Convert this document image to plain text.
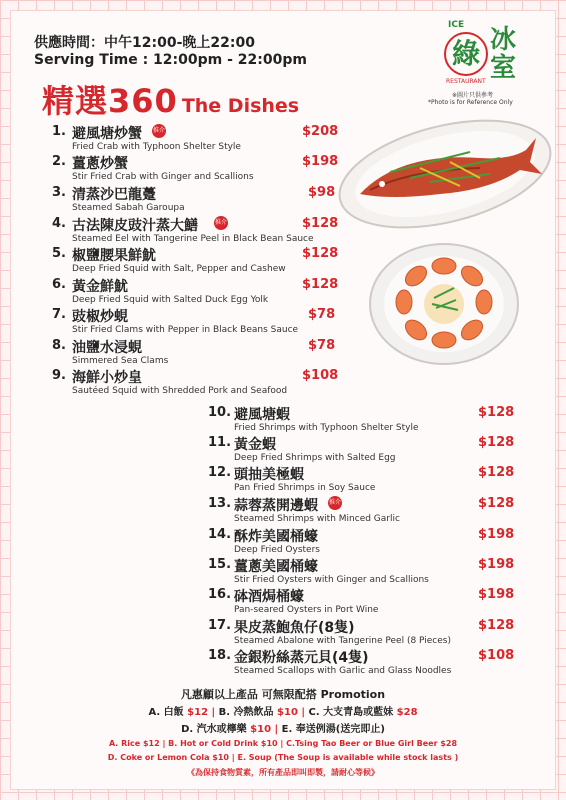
供應時間：中午12:00-晚上22:00
Serving Time : 12:00pm - 22:00pm
精選360 The Dishes
ICE
綠
RESTAURANT
冰室
※圖片只供參考
*Photo is for Reference Only
1. 避風塘炒蟹 推介
Fried Crab with Typhoon Shelter Style
$208
2. 薑蔥炒蟹
Stir Fried Crab with Ginger and Scallions
$198
3. 清蒸沙巴龍躉
Steamed Sabah Garoupa
$98
4. 古法陳皮豉汁蒸大鱔	推介
Steamed Eel with Tangerine Peel in Black Bean Sauce
$128
5. 椒鹽腰果鮮魷
Deep Fried Squid with Salt, Pepper and Cashew
$128
6. 黃金鮮魷
Deep Fried Squid with Salted Duck Egg Yolk
$128
7. 豉椒炒蜆
Stir Fried Clams with Pepper in Black Beans Sauce
$78
8. 油鹽水浸蜆
Simmered Sea Clams
$78
9. 海鮮小炒皇
Sautéed Squid with Shredded Pork and Seafood
$108
10. 避風塘蝦
Fried Shrimps with Typhoon Shelter Style
$128
11. 黃金蝦
Deep Fried Shrimps with Salted Egg
$128
12. 頭抽美極蝦
Pan Fried Shrimps in Soy Sauce
$128
13. 蒜蓉蒸開邊蝦 推介
Steamed Shrimps with Minced Garlic
$128
14. 酥炸美國桶蠔
Deep Fried Oysters
$198
15. 薑蔥美國桶蠔
Stir Fried Oysters with Ginger and Scallions
$198
16. 砵酒焗桶蠔
Pan-seared Oysters in Port Wine
$198
17. 果皮蒸鮑魚仔(8隻)
Steamed Abalone with Tangerine Peel (8 Pieces)
$128
18. 金銀粉絲蒸元貝(4隻)
Steamed Scallops with Garlic and Glass Noodles
$108
凡惠顧以上產品 可無限配搭 Promotion
A. 白飯 $12 | B. 冷熱飲品 $10 | C. 大支青島或藍妹 $28
D. 汽水或檸樂 $10 | E. 奉送例湯(送完即止)
A. Rice $12 | B. Hot or Cold Drink $10 | C.Tsing Tao Beer or Blue Girl Beer $28
D. Coke or Lemon Cola $10 | E. Soup (The Soup is available while stock lasts )
《為保持食物質素，所有產品即叫即製，請耐心等候》
